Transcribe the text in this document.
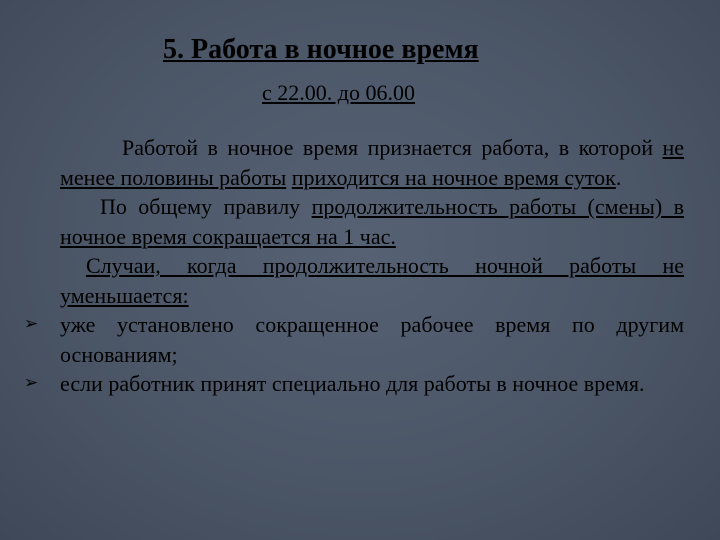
5. Работа в ночное время
с 22.00. до 06.00

Работой в ночное время признается работа, в которой не менее половины работы приходится на ночное время суток.

По общему правилу продолжительность работы (смены) в ночное время сокращается на 1 час.

Случаи, когда продолжительность ночной работы не уменьшается:

➢ уже установлено сокращенное рабочее время по другим основаниям;

➢ если работник принят специально для работы в ночное время.
